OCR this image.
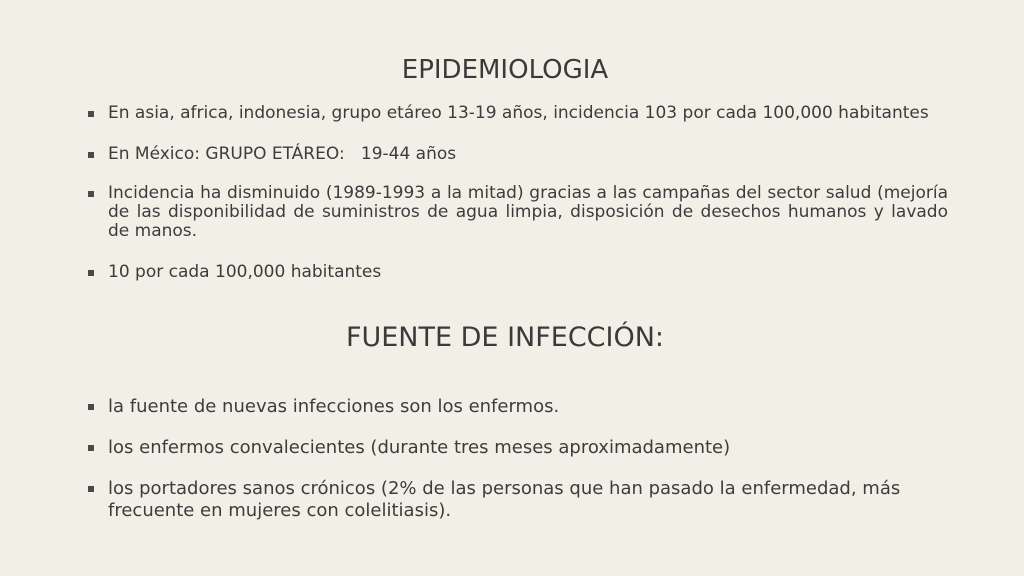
EPIDEMIOLOGIA
En asia, africa, indonesia, grupo etáreo 13-19 años, incidencia 103 por cada 100,000 habitantes
En México: GRUPO ETÁREO:   19-44 años
Incidencia ha disminuido (1989-1993 a la mitad) gracias a las campañas del sector salud (mejoría de las disponibilidad de suministros de agua limpia, disposición de desechos humanos y lavado de manos.
10 por cada 100,000 habitantes
FUENTE DE INFECCIÓN:
la fuente de nuevas infecciones son los enfermos.
los enfermos convalecientes (durante tres meses aproximadamente)
los portadores sanos crónicos (2% de las personas que han pasado la enfermedad, más frecuente en mujeres con colelitiasis).
